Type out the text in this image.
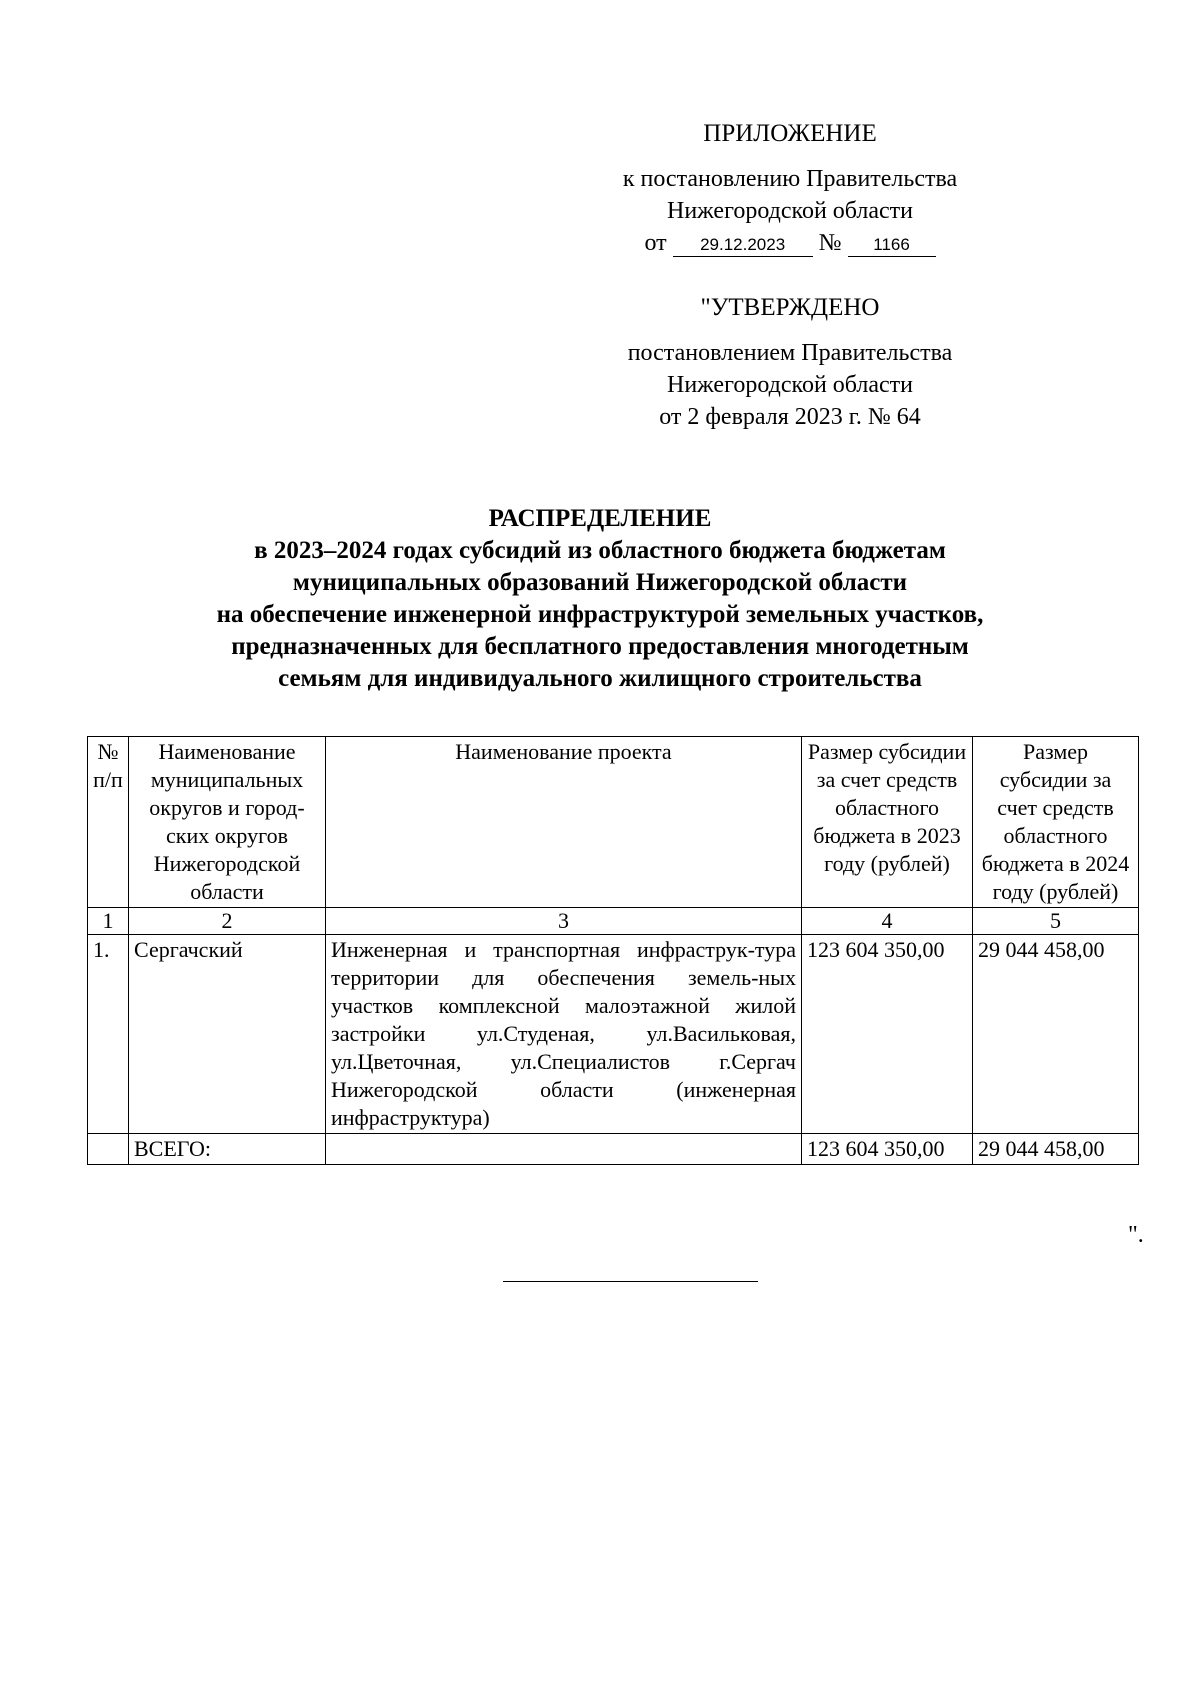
ПРИЛОЖЕНИЕ
к постановлению Правительства
Нижегородской области
от	29.12.2023	№	1166
"УТВЕРЖДЕНО
постановлением Правительства
Нижегородской области
от 2 февраля 2023 г. № 64
РАСПРЕДЕЛЕНИЕ
в 2023–2024 годах субсидий из областного бюджета бюджетам
муниципальных образований Нижегородской области
на обеспечение инженерной инфраструктурой земельных участков,
предназначенных для бесплатного предоставления многодетным
семьям для индивидуального жилищного строительства
№ п/п	Наименование муниципальных округов и город-ских округов Нижегородской области	Наименование проекта	Размер субсидии за счет средств областного бюджета в 2023 году (рублей)	Размер субсидии за счет средств областного бюджета в 2024 году (рублей)
1	2	3	4	5
1.	Сергачский	Инженерная и транспортная инфраструк-тура территории для обеспечения земель-ных участков комплексной малоэтажной жилой застройки ул.Студеная, ул.Васильковая, ул.Цветочная, ул.Специалистов г.Сергач Нижегородской области (инженерная инфраструктура)	123 604 350,00	29 044 458,00
	ВСЕГО:		123 604 350,00	29 044 458,00
".
